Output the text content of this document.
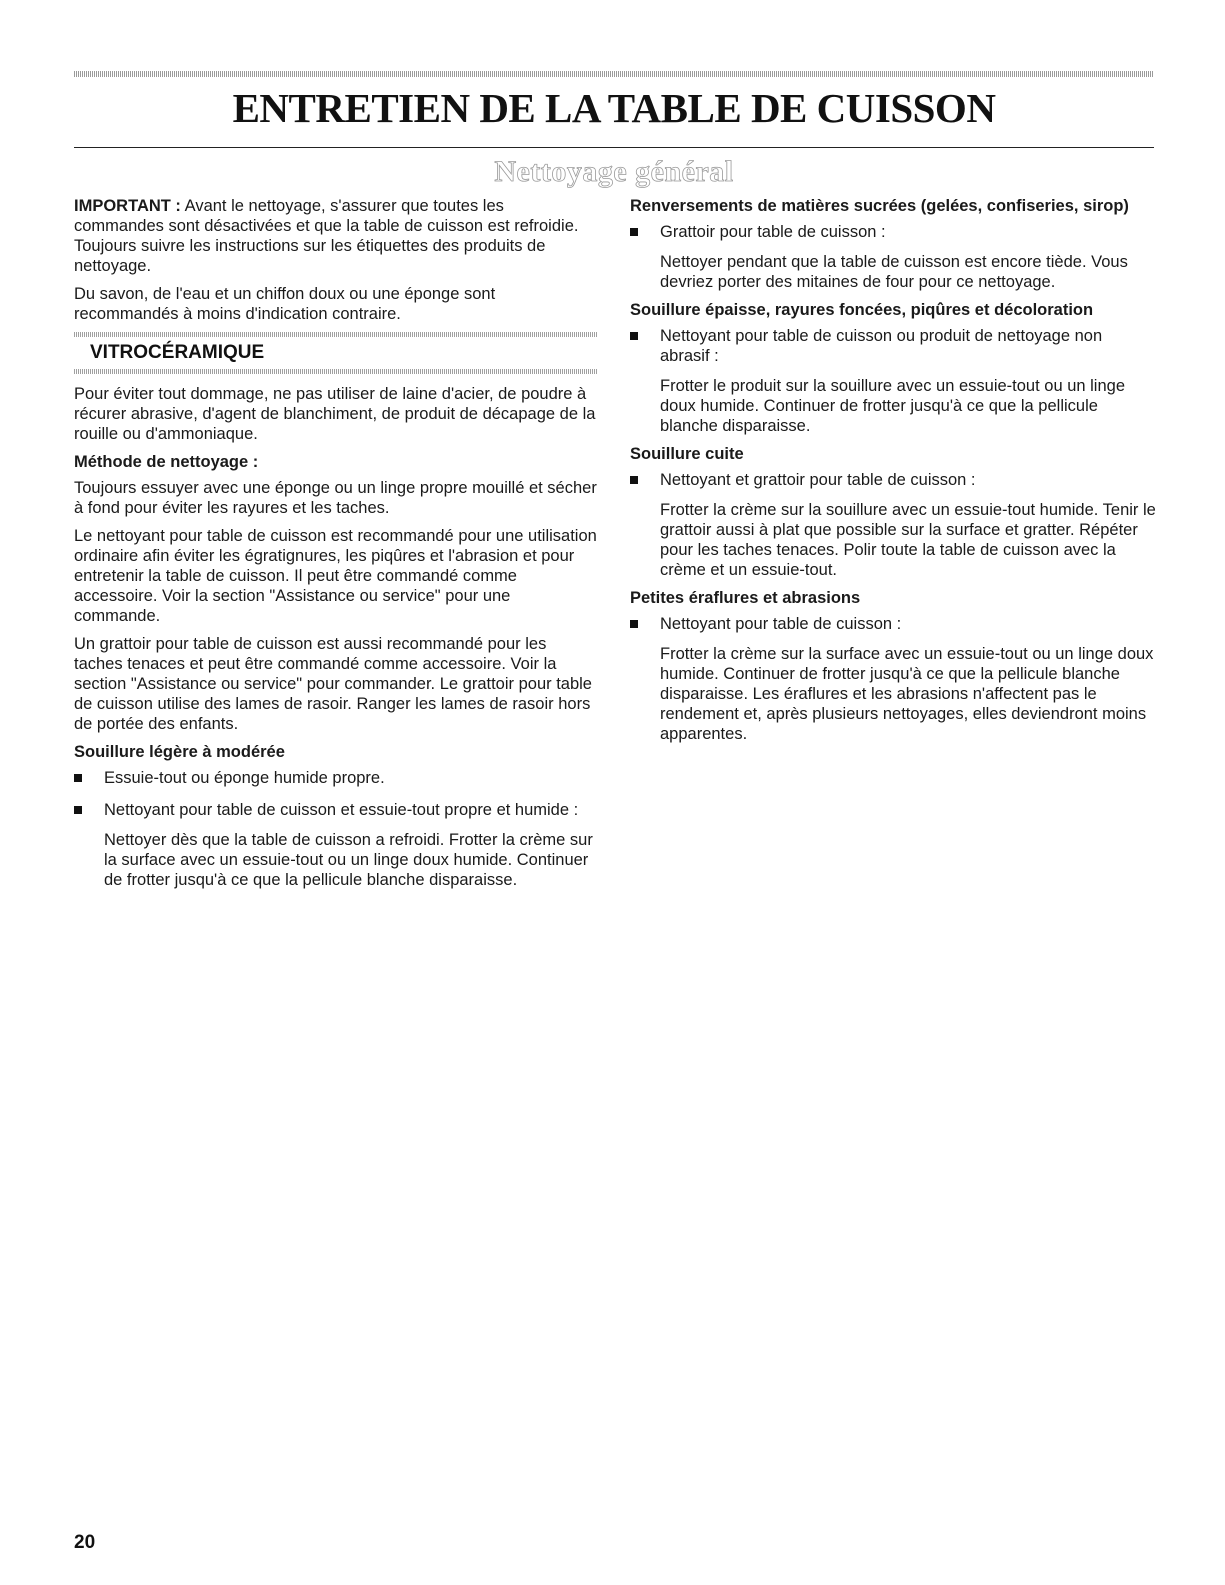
ENTRETIEN DE LA TABLE DE CUISSON
Nettoyage général

IMPORTANT : Avant le nettoyage, s'assurer que toutes les commandes sont désactivées et que la table de cuisson est refroidie. Toujours suivre les instructions sur les étiquettes des produits de nettoyage.

Du savon, de l'eau et un chiffon doux ou une éponge sont recommandés à moins d'indication contraire.

VITROCÉRAMIQUE

Pour éviter tout dommage, ne pas utiliser de laine d'acier, de poudre à récurer abrasive, d'agent de blanchiment, de produit de décapage de la rouille ou d'ammoniaque.

Méthode de nettoyage :

Toujours essuyer avec une éponge ou un linge propre mouillé et sécher à fond pour éviter les rayures et les taches.

Le nettoyant pour table de cuisson est recommandé pour une utilisation ordinaire afin éviter les égratignures, les piqûres et l'abrasion et pour entretenir la table de cuisson. Il peut être commandé comme accessoire. Voir la section "Assistance ou service" pour une commande.

Un grattoir pour table de cuisson est aussi recommandé pour les taches tenaces et peut être commandé comme accessoire. Voir la section "Assistance ou service" pour commander. Le grattoir pour table de cuisson utilise des lames de rasoir. Ranger les lames de rasoir hors de portée des enfants.

Souillure légère à modérée
Essuie-tout ou éponge humide propre.
Nettoyant pour table de cuisson et essuie-tout propre et humide :

Nettoyer dès que la table de cuisson a refroidi. Frotter la crème sur la surface avec un essuie-tout ou un linge doux humide. Continuer de frotter jusqu'à ce que la pellicule blanche disparaisse.

Renversements de matières sucrées (gelées, confiseries, sirop)
Grattoir pour table de cuisson :

Nettoyer pendant que la table de cuisson est encore tiède. Vous devriez porter des mitaines de four pour ce nettoyage.

Souillure épaisse, rayures foncées, piqûres et décoloration
Nettoyant pour table de cuisson ou produit de nettoyage non abrasif :

Frotter le produit sur la souillure avec un essuie-tout ou un linge doux humide. Continuer de frotter jusqu'à ce que la pellicule blanche disparaisse.

Souillure cuite
Nettoyant et grattoir pour table de cuisson :

Frotter la crème sur la souillure avec un essuie-tout humide. Tenir le grattoir aussi à plat que possible sur la surface et gratter. Répéter pour les taches tenaces. Polir toute la table de cuisson avec la crème et un essuie-tout.

Petites éraflures et abrasions
Nettoyant pour table de cuisson :

Frotter la crème sur la surface avec un essuie-tout ou un linge doux humide. Continuer de frotter jusqu'à ce que la pellicule blanche disparaisse. Les éraflures et les abrasions n'affectent pas le rendement et, après plusieurs nettoyages, elles deviendront moins apparentes.

20
